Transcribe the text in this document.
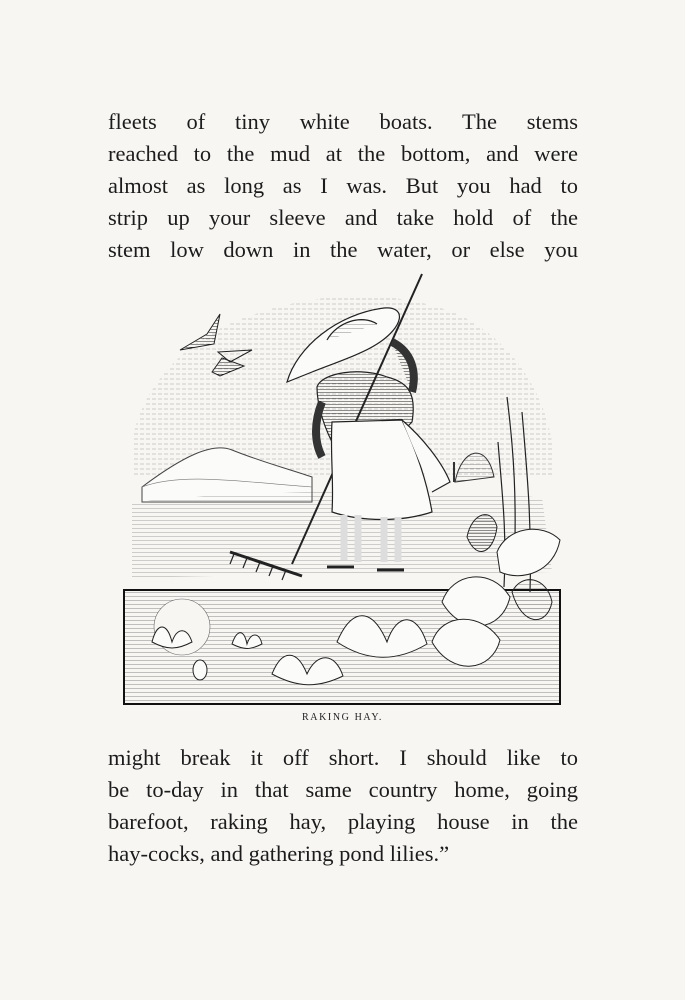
fleets of tiny white boats. The stems
reached to the mud at the bottom, and were
almost as long as I was. But you had to
strip up your sleeve and take hold of the
stem low down in the water, or else you
RAKING HAY.
might break it off short. I should like to
be to-day in that same country home, going
barefoot, raking hay, playing house in the
hay-cocks, and gathering pond lilies.”
